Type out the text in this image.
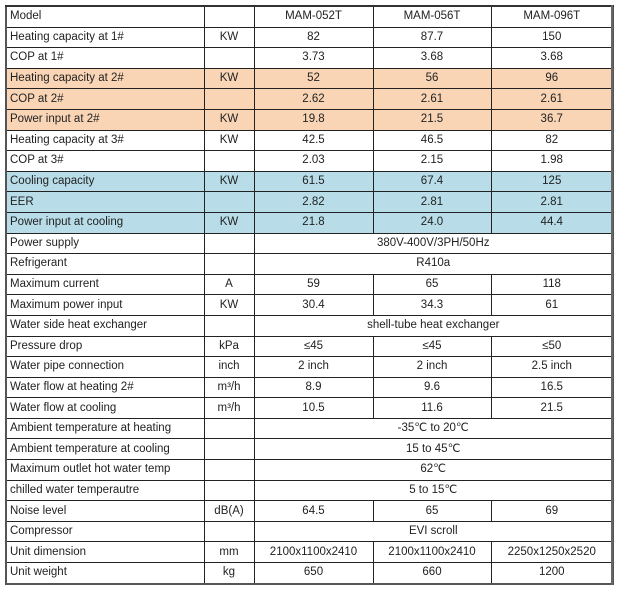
Model		MAM-052T	MAM-056T	MAM-096T
Heating capacity at 1#	KW	82	87.7	150
COP at 1#		3.73	3.68	3.68
Heating capacity at 2#	KW	52	56	96
COP at 2#		2.62	2.61	2.61
Power input at 2#	KW	19.8	21.5	36.7
Heating capacity at 3#	KW	42.5	46.5	82
COP at 3#		2.03	2.15	1.98
Cooling capacity	KW	61.5	67.4	125
EER		2.82	2.81	2.81
Power input at cooling	KW	21.8	24.0	44.4
Power supply		380V-400V/3PH/50Hz		
Refrigerant		R410a		
Maximum current	A	59	65	118
Maximum power input	KW	30.4	34.3	61
Water side heat exchanger		shell-tube heat exchanger		
Pressure drop	kPa	≤45	≤45	≤50
Water pipe connection	inch	2 inch	2 inch	2.5 inch
Water flow at heating 2#	m³/h	8.9	9.6	16.5
Water flow at cooling	m³/h	10.5	11.6	21.5
Ambient temperature at heating		-35℃ to 20℃		
Ambient temperature at cooling		15 to 45℃		
Maximum outlet hot water temp		62℃		
chilled water temperautre		5 to 15℃		
Noise level	dB(A)	64.5	65	69
Compressor		EVI scroll		
Unit dimension	mm	2100x1100x2410	2100x1100x2410	2250x1250x2520
Unit weight	kg	650	660	1200
